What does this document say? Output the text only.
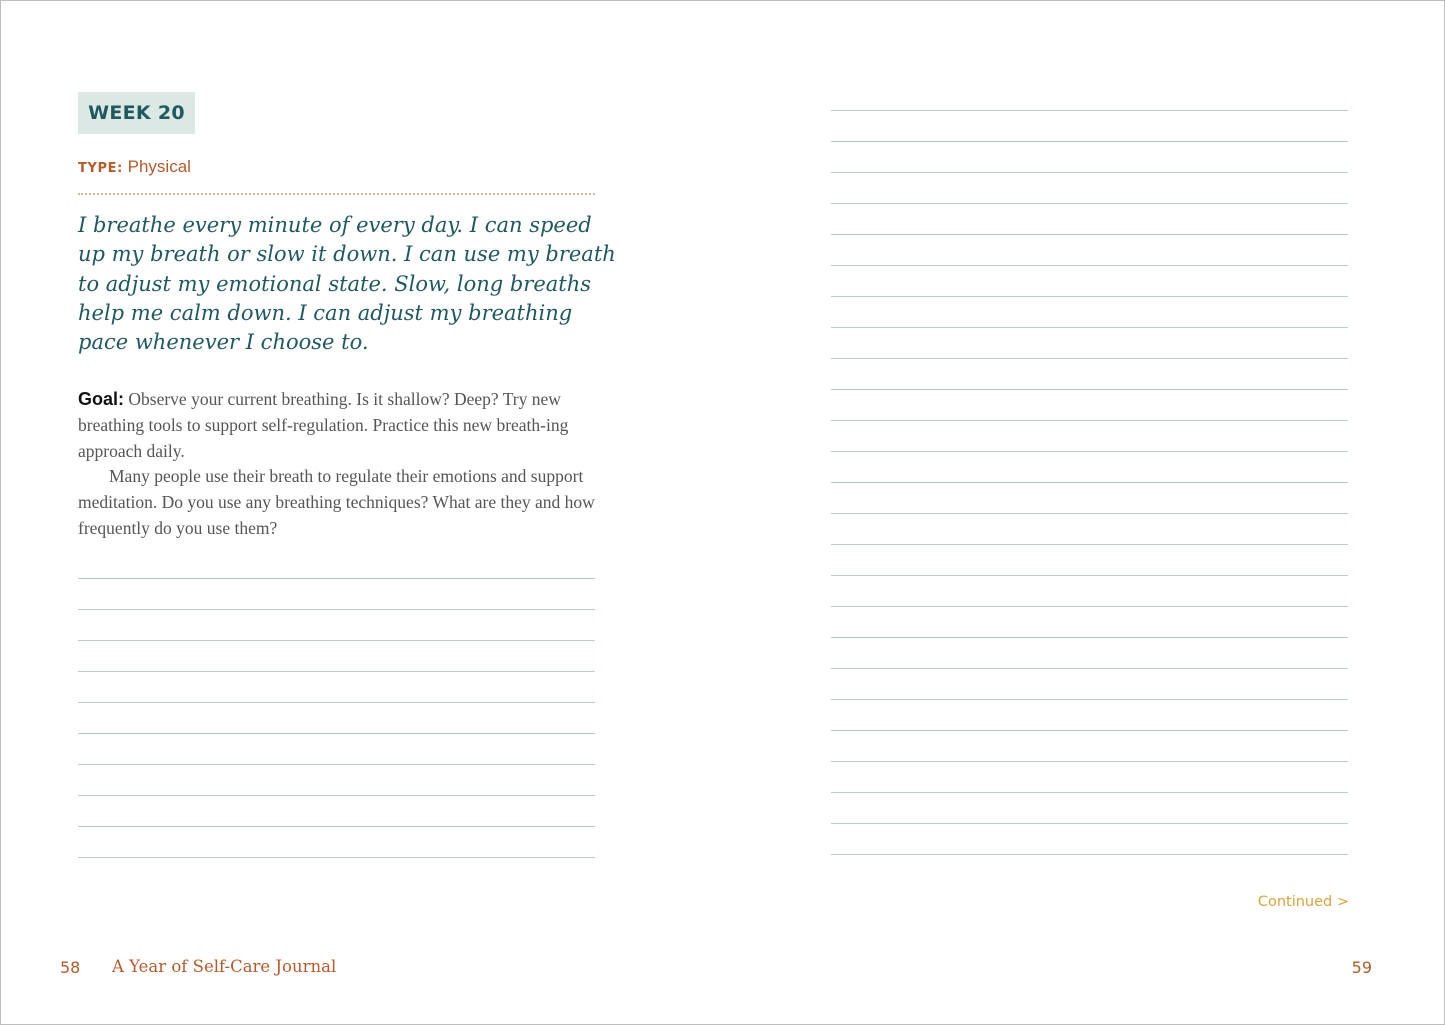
WEEK 20
TYPE: Physical

I breathe every minute of every day. I can speed up my breath or slow it down. I can use my breath to adjust my emotional state. Slow, long breaths help me calm down. I can adjust my breathing pace whenever I choose to.

Goal: Observe your current breathing. Is it shallow? Deep? Try new breathing tools to support self-regulation. Practice this new breath-ing approach daily.
Many people use their breath to regulate their emotions and support meditation. Do you use any breathing techniques? What are they and how frequently do you use them?

58 A Year of Self-Care Journal
Continued >
59
